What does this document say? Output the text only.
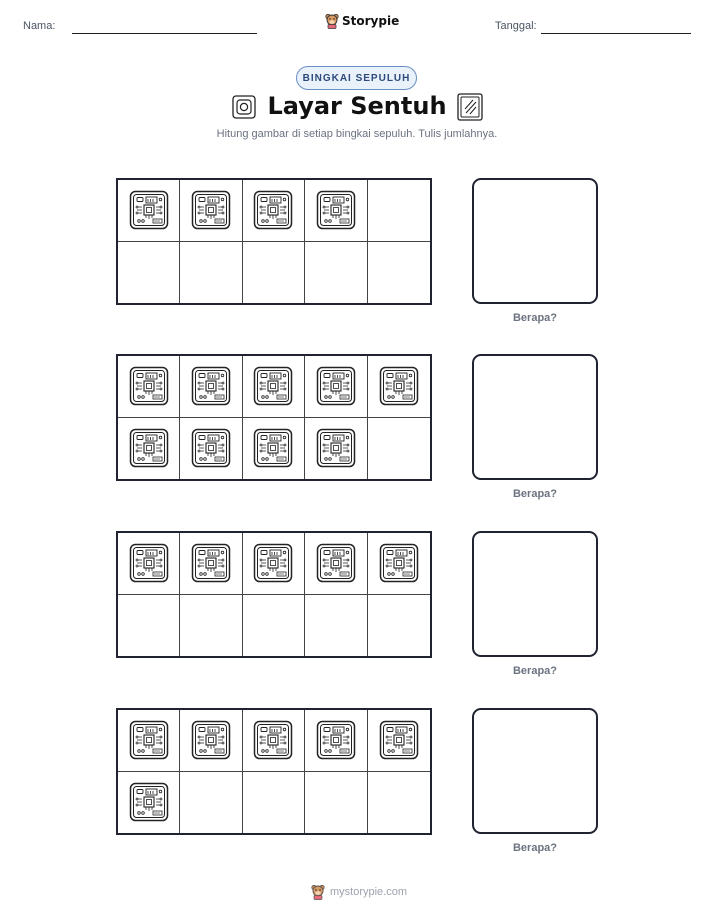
Nama:	Storypie	Tanggal:
BINGKAI SEPULUH
Layar Sentuh
Hitung gambar di setiap bingkai sepuluh. Tulis jumlahnya.
Berapa?
Berapa?
Berapa?
Berapa?
mystorypie.com
